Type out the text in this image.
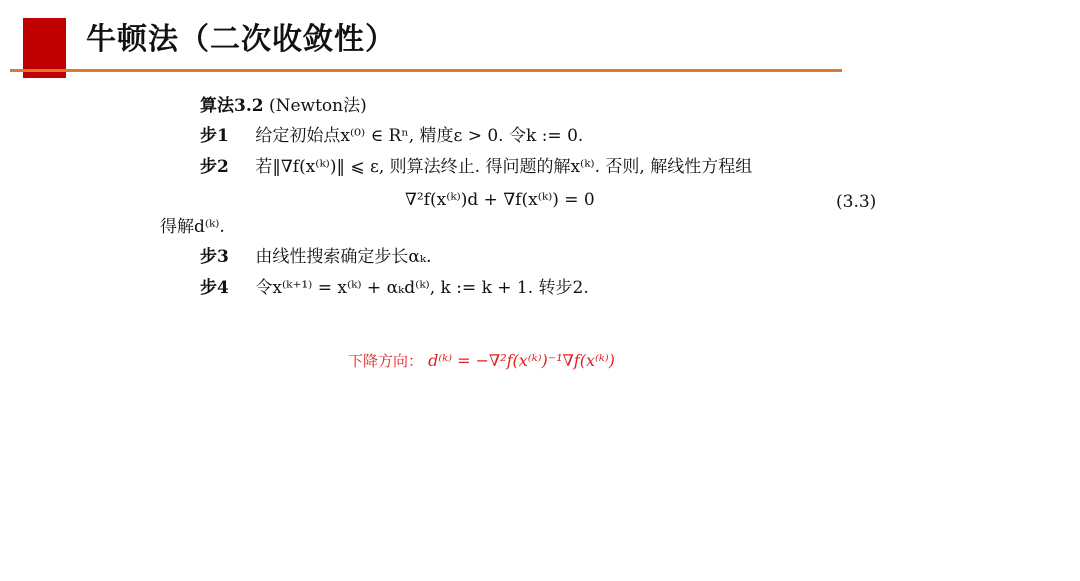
牛顿法（二次收敛性）
算法3.2 (Newton法)
步1 给定初始点x⁽⁰⁾ ∈ Rⁿ, 精度ε > 0. 令k := 0.
步2 若‖∇f(x⁽ᵏ⁾)‖ ⩽ ε, 则算法终止. 得问题的解x⁽ᵏ⁾. 否则, 解线性方程组
∇²f(x⁽ᵏ⁾)d + ∇f(x⁽ᵏ⁾) = 0	(3.3)
得解d⁽ᵏ⁾.
步3 由线性搜索确定步长αₖ.
步4 令x⁽ᵏ⁺¹⁾ = x⁽ᵏ⁾ + αₖd⁽ᵏ⁾, k := k + 1. 转步2.
下降方向： d⁽ᵏ⁾ = −∇²f(x⁽ᵏ⁾)⁻¹∇f(x⁽ᵏ⁾)
